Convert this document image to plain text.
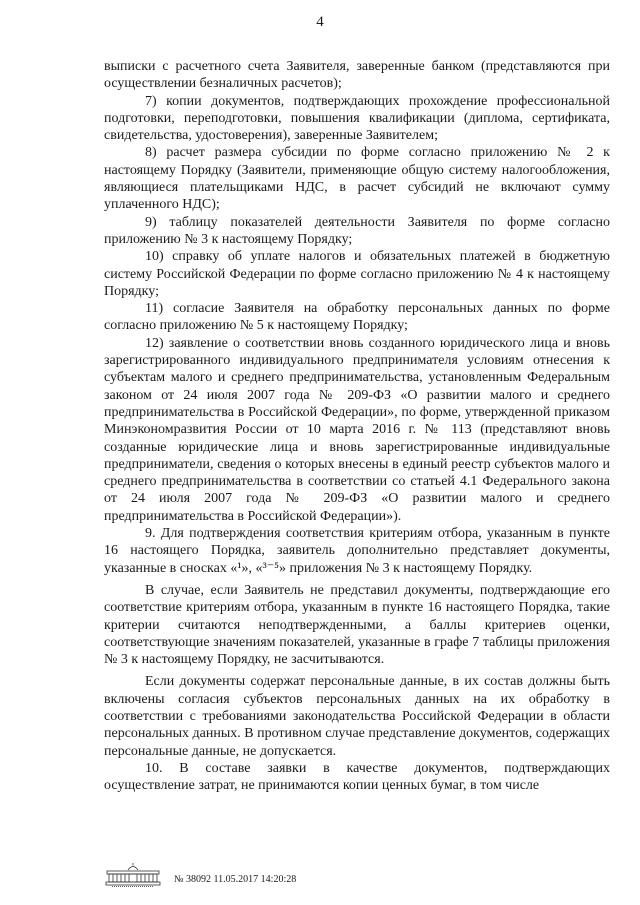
4

выписки с расчетного счета Заявителя, заверенные банком (представляются при осуществлении безналичных расчетов);

7) копии документов, подтверждающих прохождение профессиональной подготовки, переподготовки, повышения квалификации (диплома, сертификата, свидетельства, удостоверения), заверенные Заявителем;

8) расчет размера субсидии по форме согласно приложению № 2 к настоящему Порядку (Заявители, применяющие общую систему налогообложения, являющиеся плательщиками НДС, в расчет субсидий не включают сумму уплаченного НДС);

9) таблицу показателей деятельности Заявителя по форме согласно приложению № 3 к настоящему Порядку;

10) справку об уплате налогов и обязательных платежей в бюджетную систему Российской Федерации по форме согласно приложению № 4 к настоящему Порядку;

11) согласие Заявителя на обработку персональных данных по форме согласно приложению № 5 к настоящему Порядку;

12) заявление о соответствии вновь созданного юридического лица и вновь зарегистрированного индивидуального предпринимателя условиям отнесения к субъектам малого и среднего предпринимательства, установленным Федеральным законом от 24 июля 2007 года № 209-ФЗ «О развитии малого и среднего предпринимательства в Российской Федерации», по форме, утвержденной приказом Минэкономразвития России от 10 марта 2016 г. № 113 (представляют вновь созданные юридические лица и вновь зарегистрированные индивидуальные предприниматели, сведения о которых внесены в единый реестр субъектов малого и среднего предпринимательства в соответствии со статьей 4.1 Федерального закона от 24 июля 2007 года № 209-ФЗ «О развитии малого и среднего предпринимательства в Российской Федерации»).

9. Для подтверждения соответствия критериям отбора, указанным в пункте 16 настоящего Порядка, заявитель дополнительно представляет документы, указанные в сносках «¹», «³⁻⁵» приложения № 3 к настоящему Порядку.

В случае, если Заявитель не представил документы, подтверждающие его соответствие критериям отбора, указанным в пункте 16 настоящего Порядка, такие критерии считаются неподтвержденными, а баллы критериев оценки, соответствующие значениям показателей, указанные в графе 7 таблицы приложения № 3 к настоящему Порядку, не засчитываются.

Если документы содержат персональные данные, в их состав должны быть включены согласия субъектов персональных данных на их обработку в соответствии с требованиями законодательства Российской Федерации в области персональных данных. В противном случае представление документов, содержащих персональные данные, не допускается.

10. В составе заявки в качестве документов, подтверждающих осуществление затрат, не принимаются копии ценных бумаг, в том числе

№ 38092 11.05.2017 14:20:28
